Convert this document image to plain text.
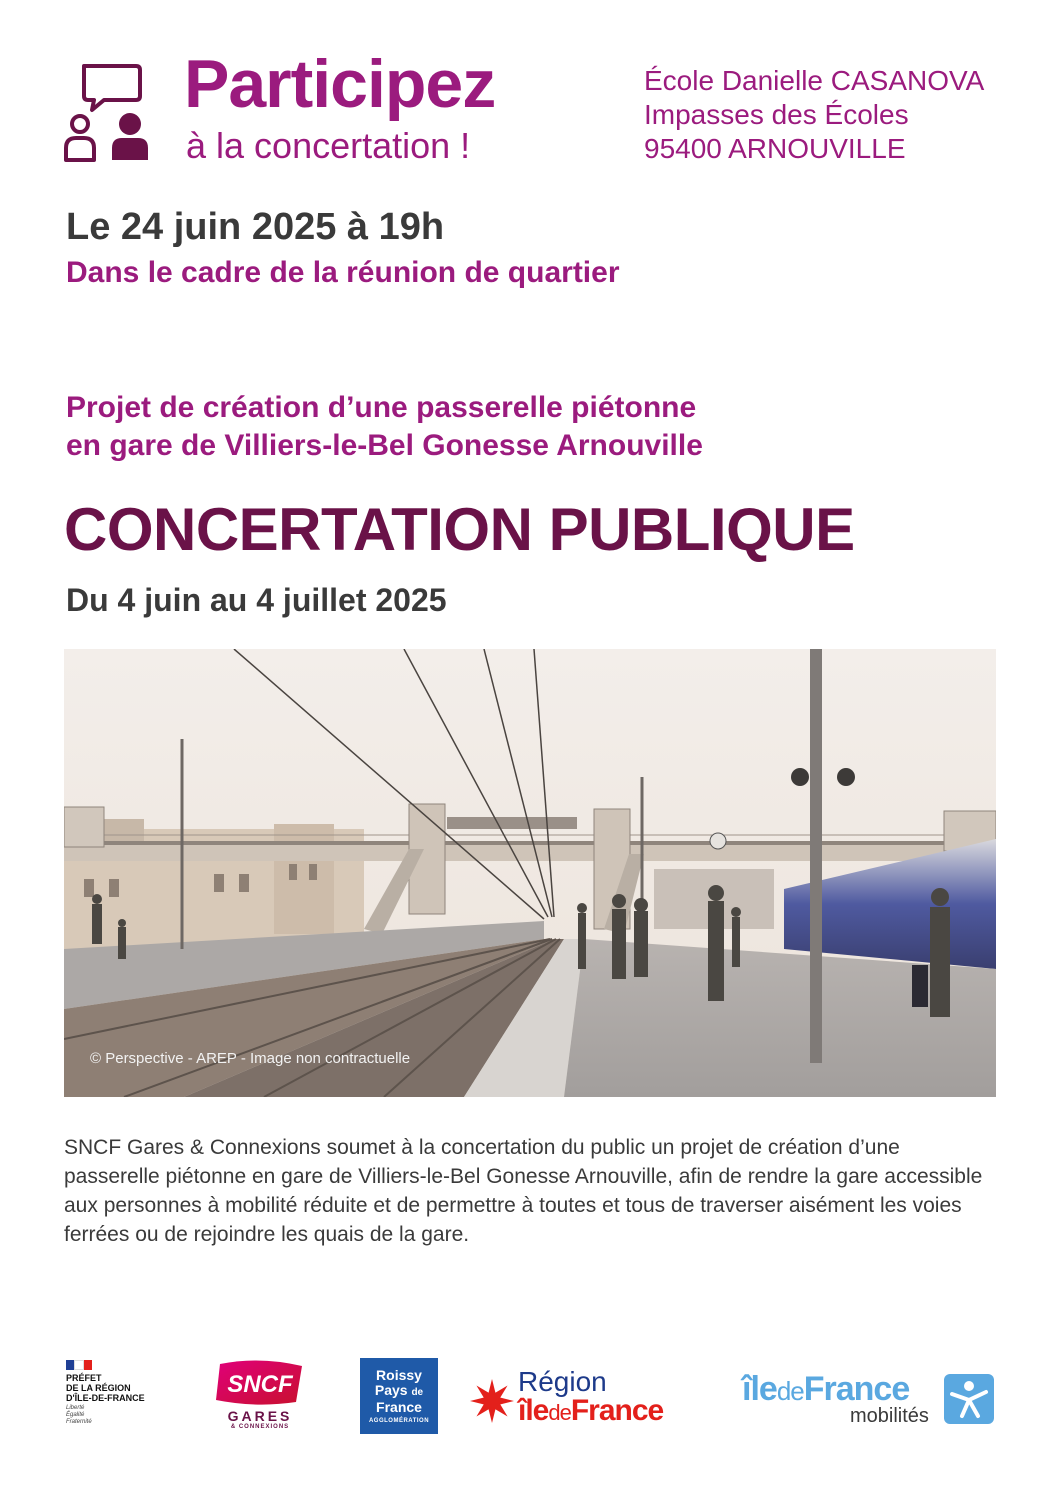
Participez
à la concertation !
École Danielle CASANOVA
Impasses des Écoles
95400 ARNOUVILLE
Le 24 juin 2025 à 19h
Dans le cadre de la réunion de quartier
Projet de création d’une passerelle piétonne
en gare de Villiers-le-Bel Gonesse Arnouville
CONCERTATION PUBLIQUE
Du 4 juin au 4 juillet 2025
© Perspective - AREP - Image non contractuelle
SNCF Gares & Connexions soumet à la concertation du public un projet de création d’une passerelle piétonne en gare de Villiers-le-Bel Gonesse Arnouville, afin de rendre la gare accessible aux personnes à mobilité réduite et de permettre à toutes et tous de traverser aisément les voies ferrées ou de rejoindre les quais de la gare.
PRÉFET
DE LA RÉGION
D'ÎLE-DE-FRANCE
Liberté
Égalité
Fraternité
SNCF
GARES
& CONNEXIONS
Roissy
Pays de
France
AGGLOMÉRATION
Région
îledeFrance
îledeFrance
mobilités
